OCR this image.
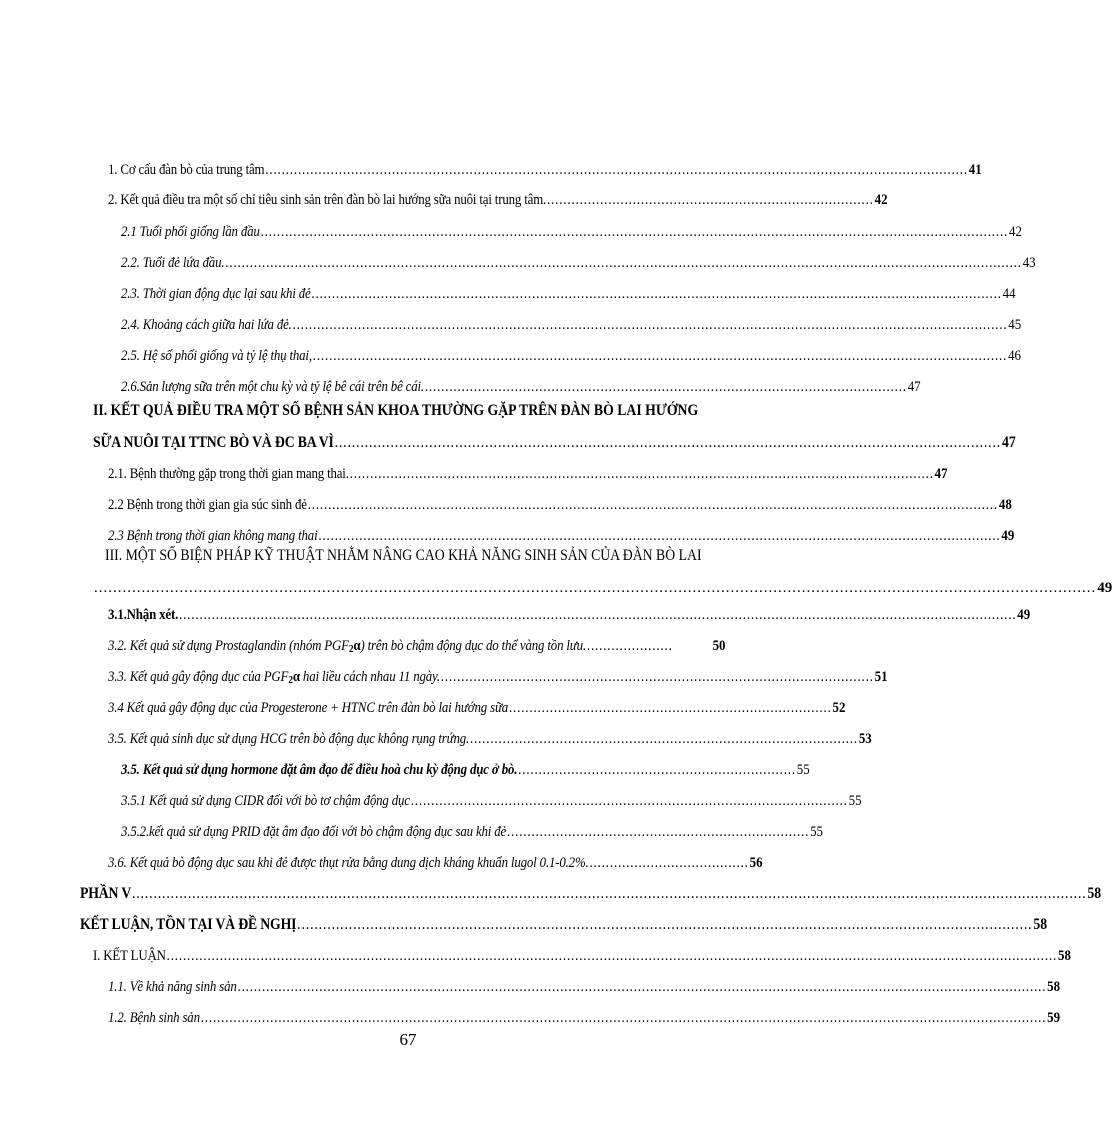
1. Cơ cấu đàn bò của trung tâm ............................................................................................................................................................................ 41
2. Kết quả điều tra một số chỉ tiêu sinh sản trên đàn bò lai hướng sữa nuôi tại trung tâm. ................................................................................ 42
2.1 Tuổi phối giống lần đầu ....................................................................................................................................................................................... 42
2.2. Tuổi đẻ lứa đầu. ................................................................................................................................................................................................... 43
2.3. Thời gian động dục lại sau khi đẻ ......................................................................................................................................................................... 44
2.4. Khoảng cách giữa hai lứa đẻ. ............................................................................................................................................................................... 45
2.5. Hệ số phối giống và tỷ lệ thụ thai, .......................................................................................................................................................................... 46
2.6.Sản lượng sữa trên một chu kỳ và tỷ lệ bê cái trên bê cái. ...................................................................................................................... 47
II. KẾT QUẢ ĐIỀU TRA MỘT SỐ BỆNH SẢN KHOA THƯỜNG GẶP TRÊN ĐÀN BÒ LAI HƯỚNG
SỮA NUÔI TẠI TTNC BÒ VÀ ĐC BA VÌ ........................................................................................................................................................... 47
2.1. Bệnh thường gặp trong thời gian mang thai. ............................................................................................................................................... 47
2.2 Bệnh trong thời gian gia súc sinh đẻ ......................................................................................................................................................................... 48
2.3 Bệnh trong thời gian không mang thai ....................................................................................................................................................................... 49
III. MỘT SỐ BIỆN PHÁP KỸ THUẬT NHẰM NÂNG CAO KHẢ NĂNG SINH SẢN CỦA ĐÀN BÒ LAI
................................................................................................................................................................................................................... 49
3.1.Nhận xét. ............................................................................................................................................................................................................. 49
3.2. Kết quả sử dụng Prostaglandin (nhóm PGF2α) trên bò chậm động dục do thể vàng tồn lưu. .....................	50
3.3. Kết quả gây động dục của PGF2α hai liều cách nhau 11 ngày. .......................................................................................................... 51
3.4 Kết quả gây động dục của Progesterone + HTNC trên đàn bò lai hướng sữa ............................................................................... 52
3.5. Kết quả sinh dục sử dụng HCG trên bò động dục không rụng trứng. ............................................................................................... 53
3.5. Kết quả sử dụng hormone đặt âm đạo để điều hoà chu kỳ động dục ở bò. .................................................................... 55
3.5.1 Kết quả sử dụng CIDR đối với bò tơ chậm động dục ........................................................................................................... 55
3.5.2.kết quả sử dụng PRID đặt âm đạo đối với bò chậm động dục sau khi đẻ .......................................................................... 55
3.6. Kết quả bò động dục sau khi đẻ được thụt rửa bằng dung dịch kháng khuẩn lugol 0.1-0.2%. ....................................... 56
PHẦN V .............................................................................................................................................................................................................................. 58
KẾT LUẬN, TỒN TẠI VÀ ĐỀ NGHỊ ........................................................................................................................................................................... 58
I. KẾT LUẬN .......................................................................................................................................................................................................................... 58
1.1. Về khả năng sinh sản ...................................................................................................................................................................................................... 58
1.2. Bệnh sinh sản ............................................................................................................................................................................................................... 59
67
